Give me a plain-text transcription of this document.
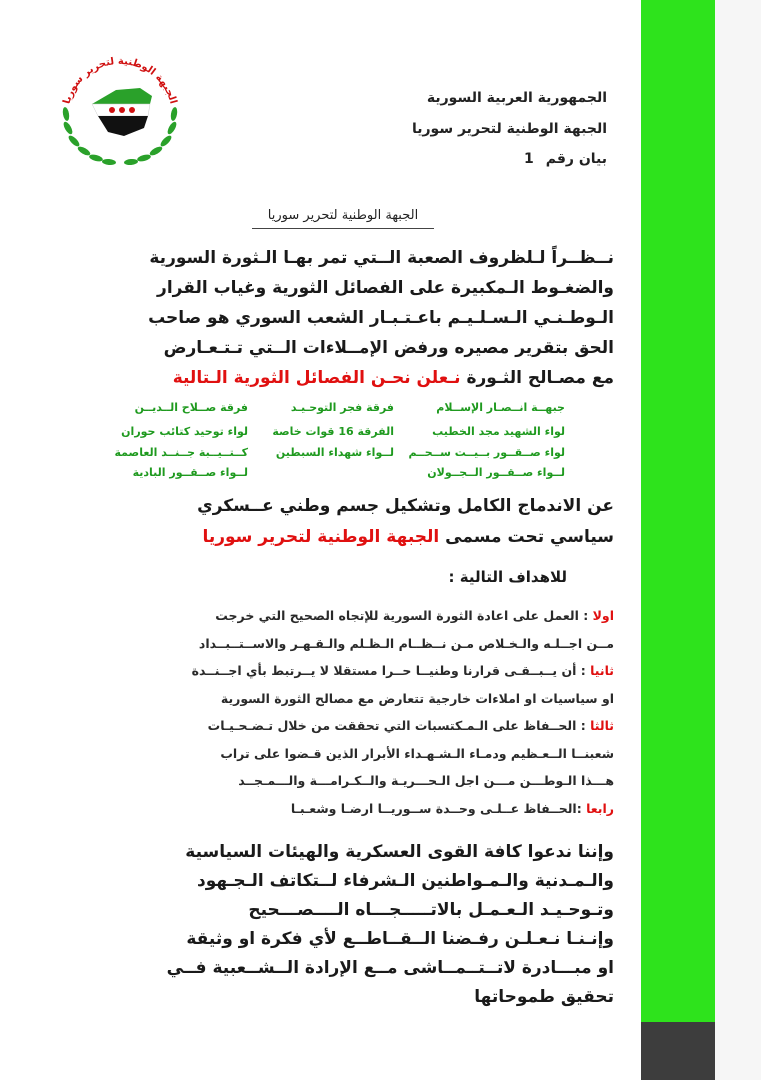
الجبهة الوطنية لتحرير سوريا	الجمهورية العربية السورية
الجبهة الوطنية لتحرير سوريا
بيان رقم1
الجبهة الوطنية لتحرير سوريا
نــظــراً لـلظروف الصعبة الــتي تمر بهـا الـثورة السورية
والضغـوط الـمكبيرة على الفصائل الثورية وغياب القرار
الـوطـنـي الـسـلـيـم باعـتـبـار الشعب السوري هو صاحب
الحق بتقرير مصيره ورفض الإمــلاءات الــتي تـتـعـارض
مع مصـالح الثـورة نـعلن نحـن الفصائل الثورية الـتالية
جبهــة انــصـار الإســلام
لواء الشهيد مجد الخطيب
لواء صــقــور بــيــت ســحــم
لــواء صــقــور الــجــولان
فرقة فجر التوحـيـد
الفرقة 16 قوات خاصة
لــواء شهداء السبطين
فرقة صــلاح الــديــن
لواء توحيد كتائب حوران
كــتــيــبة جــنــد العاصمة
لــواء صــقــور البادية
عن الاندماج الكامل وتشكيل جسم وطني عــسكري
سياسي تحت مسمى الجبهة الوطنية لتحرير سوريا
للاهداف التالية :
اولا : العمل على اعادة الثورة السورية للإتجاه الصحيح التي خرجت
مــن اجــلـه والـخـلاص مـن نــظــام الـظـلم والـقـهـر والاســتــبــداد
ثانيا : أن يــبــقـى قرارنا وطنيــا حــرا مستقلا لا يــرتبط بأي اجــنــدة
او سياسيات او املاءات خارجية تتعارض مع مصالح الثورة السورية
ثالثا : الحــفاظ على الـمـكتسبات التي تحققت من خلال تـضـحـيـات
شعبنــا الــعـظيم ودمـاء الـشـهـداء الأبرار الذين قـضوا على تراب
هـــذا الـوطـــن مـــن اجل الـحـــريـة والــكـرامـــة والـــمـجــد
رابعا :الحــفاظ عــلـى وحــدة ســوريــا ارضـا وشعـبـا
وإننا ندعوا كافة القوى العسكرية والهيئات السياسية
والـمـدنية والـمـواطنين الـشرفاء لــتكاتف الـجـهود
وتـوحـيـد الـعـمـل بالاتـــــجـــاه الــــصـــحيح
وإنـنـا نـعـلـن رفـضنا الــقــاطــع لأي فكرة او وثيقة
او مبـــادرة لاتــتــمــاشى مــع الإرادة الــشــعبية فــي
تحقيق طموحاتها
